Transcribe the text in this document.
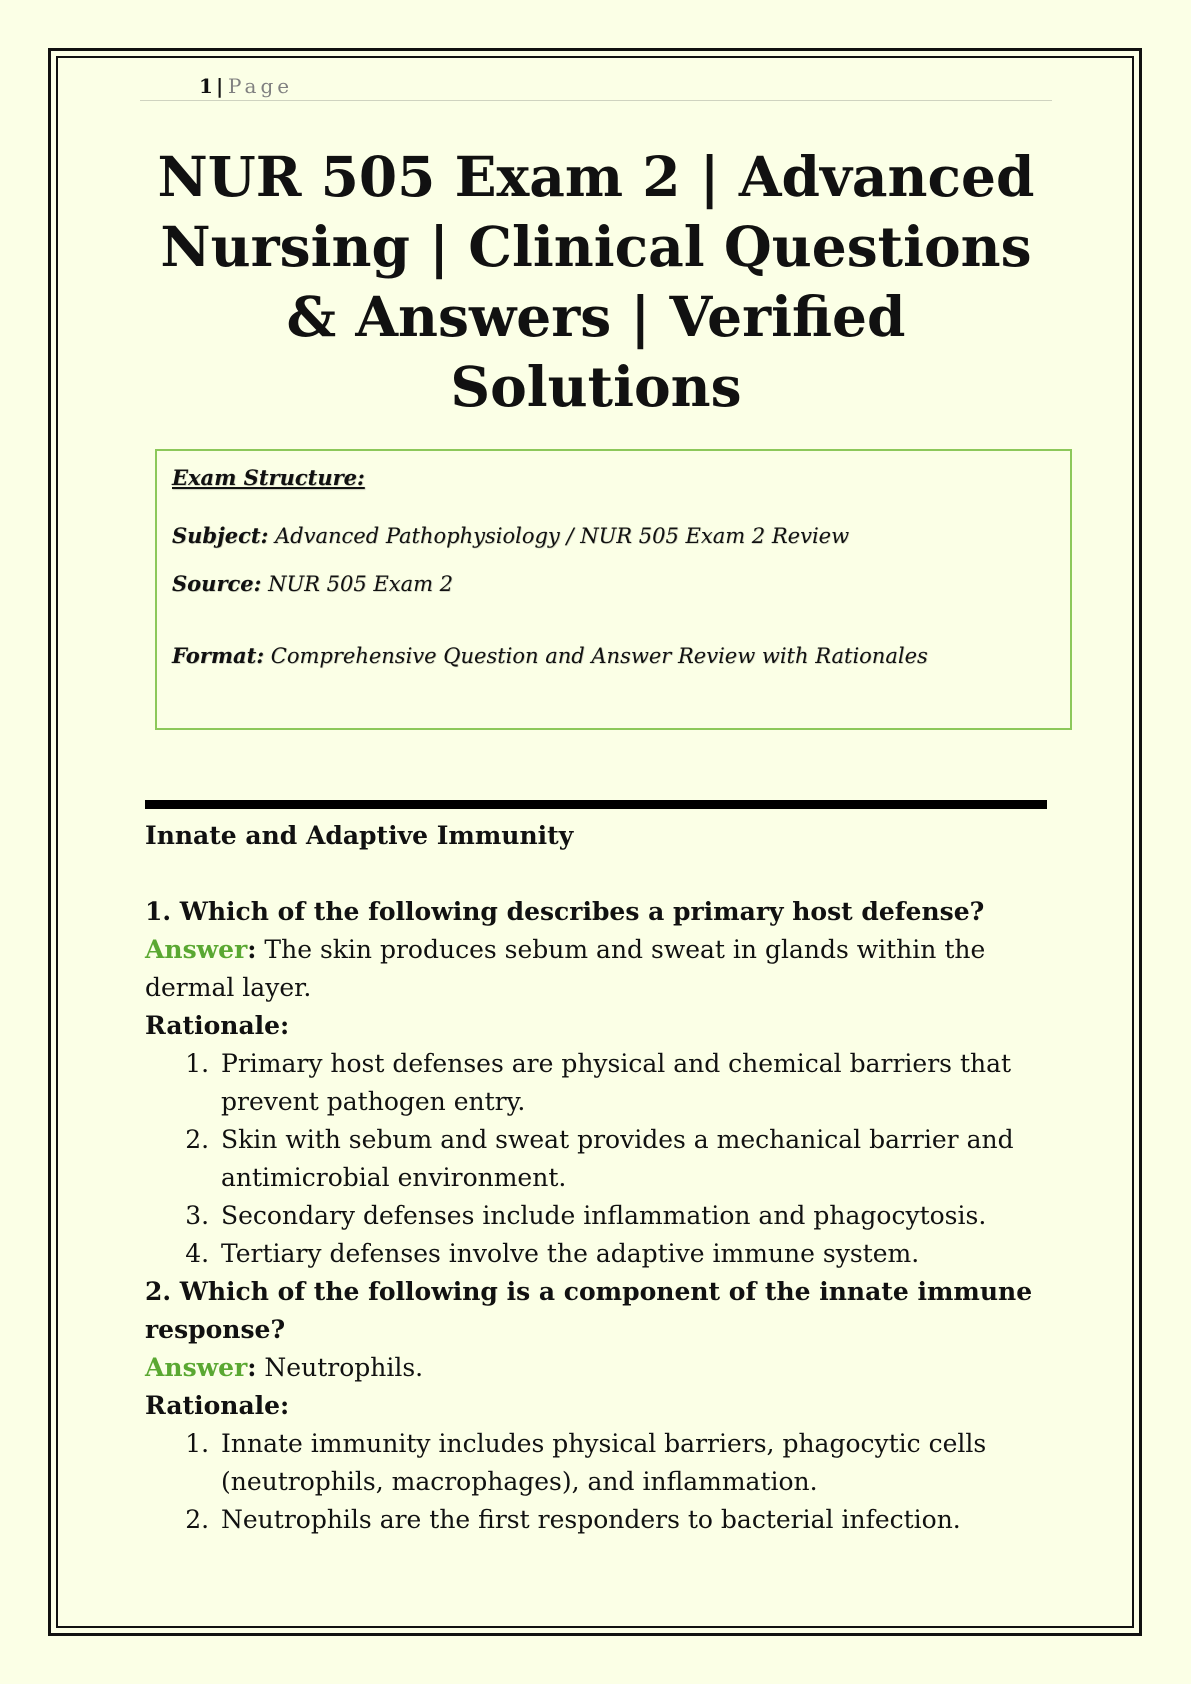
1 | Page
NUR 505 Exam 2 | Advanced Nursing | Clinical Questions & Answers | Verified Solutions
Exam Structure:
Subject: Advanced Pathophysiology / NUR 505 Exam 2 Review
Source: NUR 505 Exam 2
Format: Comprehensive Question and Answer Review with Rationales

Innate and Adaptive Immunity

1. Which of the following describes a primary host defense?

Answer: The skin produces sebum and sweat in glands within the dermal layer.

Rationale:

1. Primary host defenses are physical and chemical barriers that prevent pathogen entry.
2. Skin with sebum and sweat provides a mechanical barrier and antimicrobial environment.
3. Secondary defenses include inflammation and phagocytosis.
4. Tertiary defenses involve the adaptive immune system.

2. Which of the following is a component of the innate immune response?

Answer: Neutrophils.

Rationale:

1. Innate immunity includes physical barriers, phagocytic cells (neutrophils, macrophages), and inflammation.
2. Neutrophils are the first responders to bacterial infection.
